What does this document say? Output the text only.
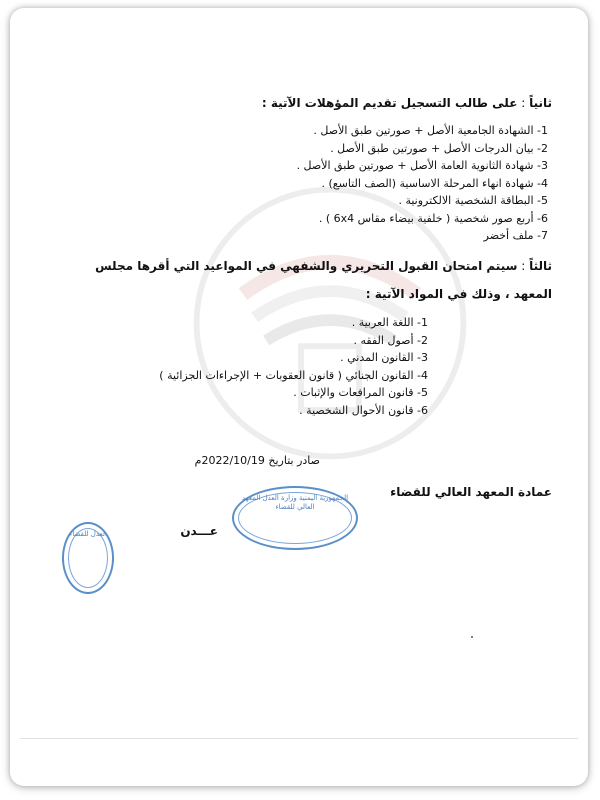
ثانياً : على طالب التسجيل تقديم المؤهلات الآتية :

1- الشهادة الجامعية الأصل + صورتين طبق الأصل .
2- بيان الدرجات الأصل + صورتين طبق الأصل .
3- شهادة الثانوية العامة الأصل + صورتين طبق الأصل .
4- شهادة انهاء المرحلة الاساسية (الصف التاسع) .
5- البطاقة الشخصية الالكترونية .
6- أربع صور شخصية ( خلفية بيضاء مقاس 6x4 ) .
7- ملف أخضر

ثالثاً : سيتم امتحان القبول التحريري والشفهي في المواعيد التي أقرها مجلس

المعهد ، وذلك في المواد الآتية :

1- اللغة العربية .
2- أصول الفقه .
3- القانون المدني .
4- القانون الجنائي ( قانون العقوبات + الإجراءات الجزائية )
5- قانون المرافعات والإثبات .
6- قانون الأحوال الشخصية .
صادر بتاريخ 2022/10/19م
عمادة المعهد العالي للقضاء
عـــدن
الجمهورية اليمنية وزارة العدل المعهد العالي للقضاء
العدل للقضاء
